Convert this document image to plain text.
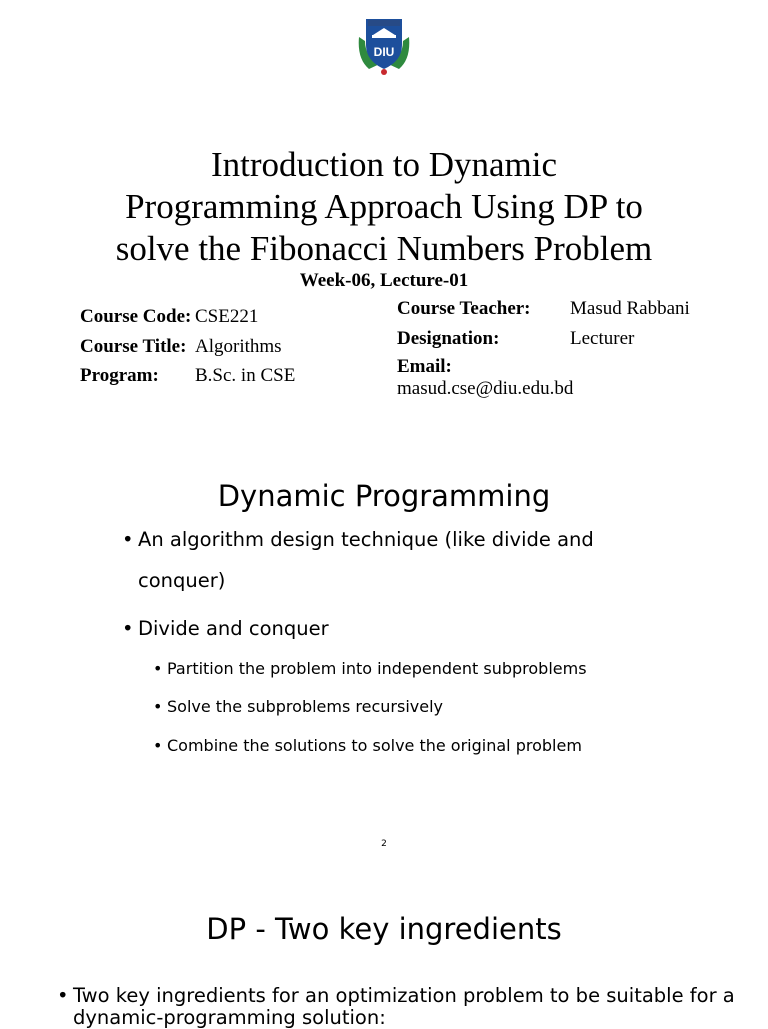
DIU
Introduction to Dynamic
Programming Approach Using DP to
solve the Fibonacci Numbers Problem
Week-06, Lecture-01
Course Code: CSE221
Course Title: Algorithms
Program: B.Sc. in CSE
Course Teacher: Masud Rabbani
Designation:	Lecturer
Email:
masud.cse@diu.edu.bd
Dynamic Programming
• An algorithm design technique (like divide and
conquer)
• Divide and conquer
• Partition the problem into independent subproblems
• Solve the subproblems recursively
• Combine the solutions to solve the original problem
2
DP - Two key ingredients
• Two key ingredients for an optimization problem to be suitable for a
dynamic-programming solution:
